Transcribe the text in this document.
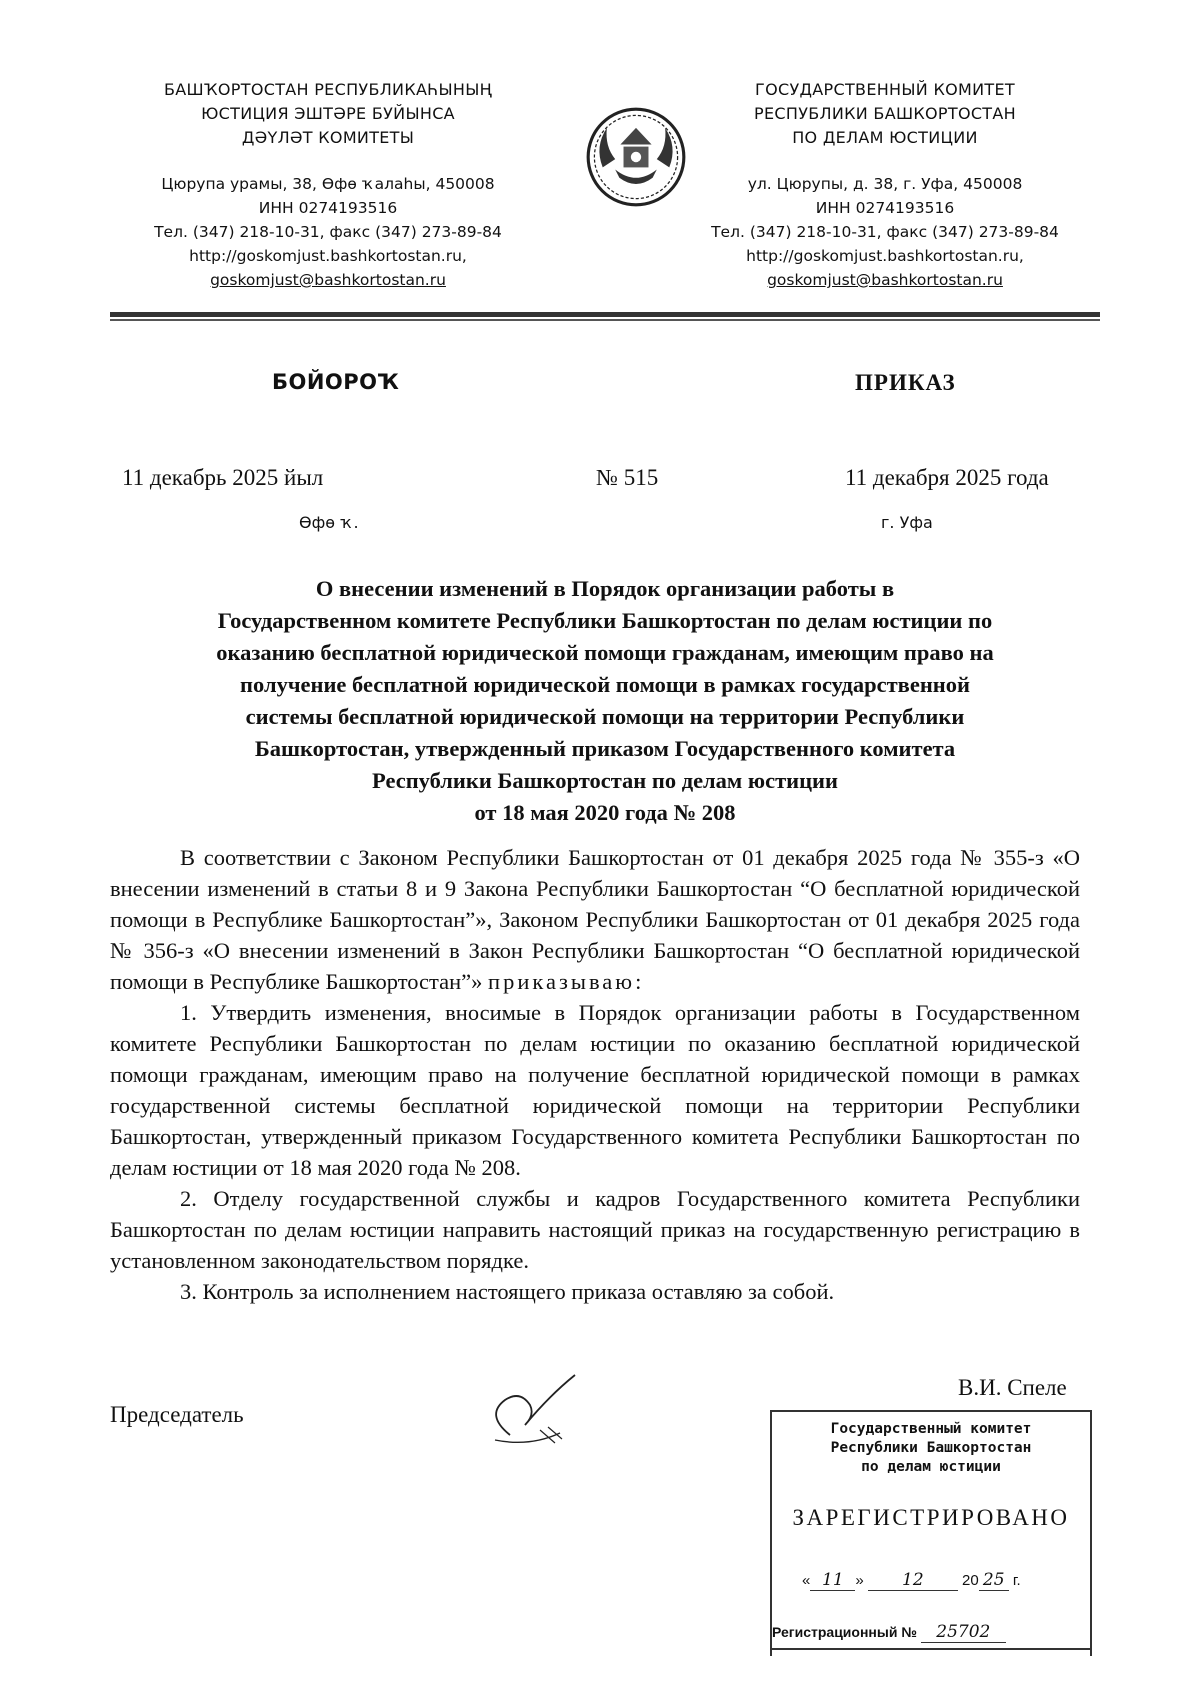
БАШҠОРТОСТАН РЕСПУБЛИКАҺЫНЫҢ
ЮСТИЦИЯ ЭШТӘРЕ БУЙЫНСА
ДӘҮЛӘТ КОМИТЕТЫ
Цюрупа урамы, 38, Өфө ҡалаһы, 450008
ИНН 0274193516
Тел. (347) 218-10-31, факс (347) 273-89-84
http://goskomjust.bashkortostan.ru,
goskomjust@bashkortostan.ru
ГОСУДАРСТВЕННЫЙ КОМИТЕТ
РЕСПУБЛИКИ БАШКОРТОСТАН
ПО ДЕЛАМ ЮСТИЦИИ
ул. Цюрупы, д. 38, г. Уфа, 450008
ИНН 0274193516
Тел. (347) 218-10-31, факс (347) 273-89-84
http://goskomjust.bashkortostan.ru,
goskomjust@bashkortostan.ru
БОЙОРОҠ	ПРИКАЗ
11 декабрь 2025 йыл	№ 515	11 декабря 2025 года
Өфө ҡ.	г. Уфа
О внесении изменений в Порядок организации работы в
Государственном комитете Республики Башкортостан по делам юстиции по
оказанию бесплатной юридической помощи гражданам, имеющим право на
получение бесплатной юридической помощи в рамках государственной
системы бесплатной юридической помощи на территории Республики
Башкортостан, утвержденный приказом Государственного комитета
Республики Башкортостан по делам юстиции
от 18 мая 2020 года № 208

В соответствии с Законом Республики Башкортостан от 01 декабря 2025 года № 355-з «О внесении изменений в статьи 8 и 9 Закона Республики Башкортостан “О бесплатной юридической помощи в Республике Башкортостан”», Законом Республики Башкортостан от 01 декабря 2025 года № 356-з «О внесении изменений в Закон Республики Башкортостан “О бесплатной юридической помощи в Республике Башкортостан”» приказываю:

1. Утвердить изменения, вносимые в Порядок организации работы в Государственном комитете Республики Башкортостан по делам юстиции по оказанию бесплатной юридической помощи гражданам, имеющим право на получение бесплатной юридической помощи в рамках государственной системы бесплатной юридической помощи на территории Республики Башкортостан, утвержденный приказом Государственного комитета Республики Башкортостан по делам юстиции от 18 мая 2020 года № 208.

2. Отделу государственной службы и кадров Государственного комитета Республики Башкортостан по делам юстиции направить настоящий приказ на государственную регистрацию в установленном законодательством порядке.

3. Контроль за исполнением настоящего приказа оставляю за собой.

Председатель
В.И. Спеле
Государственный комитет
Республики Башкортостан
по делам юстиции
ЗАРЕГИСТРИРОВАНО
« 11 » 12	20 25 г.
Регистрационный № 25702
